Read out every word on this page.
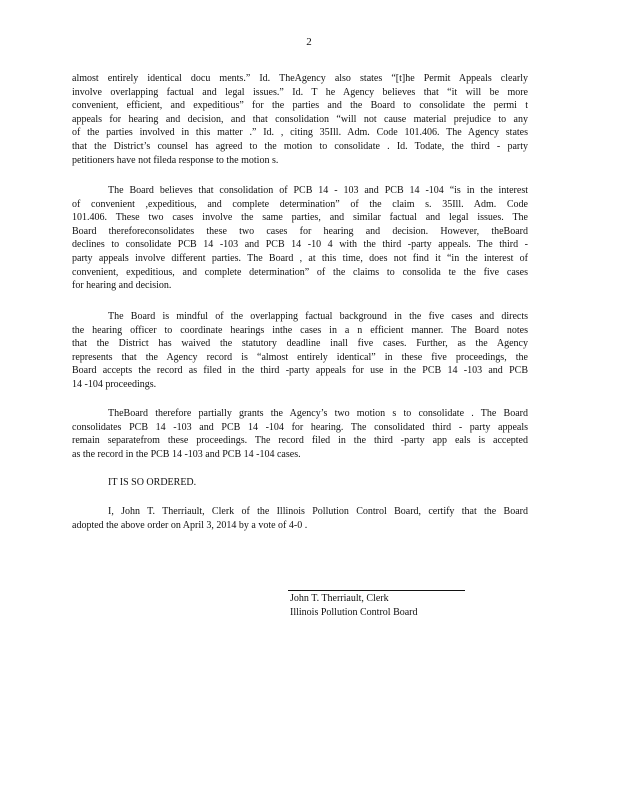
2
almost entirely identical docu ments.” Id. TheAgency also states “[t]he Permit Appeals clearly
involve overlapping factual and legal issues.” Id. T he Agency believes that “it will be more
convenient, efficient, and expeditious” for the parties and the Board to consolidate the permi t
appeals for hearing and decision, and that consolidation “will not cause material prejudice to any
of the parties involved in this matter .” Id. , citing 35Ill. Adm. Code 101.406. The Agency states
that the District’s counsel has agreed to the motion to consolidate . Id. Todate, the third - party
petitioners have not fileda response to the motion s.
The Board believes that consolidation of PCB 14 - 103 and PCB 14 -104 “is in the interest
of convenient ,expeditious, and complete determination” of the claim s. 35Ill. Adm. Code
101.406. These two cases involve the same parties, and similar factual and legal issues. The
Board thereforeconsolidates these two cases for hearing and decision. However, theBoard
declines to consolidate PCB 14 -103 and PCB 14 -10 4 with the third -party appeals. The third -
party appeals involve different parties. The Board , at this time, does not find it “in the interest of
convenient, expeditious, and complete determination” of the claims to consolida te the five cases
for hearing and decision.
The Board is mindful of the overlapping factual background in the five cases and directs
the hearing officer to coordinate hearings inthe cases in a n efficient manner. The Board notes
that the District has waived the statutory deadline inall five cases. Further, as the Agency
represents that the Agency record is “almost entirely identical” in these five proceedings, the
Board accepts the record as filed in the third -party appeals for use in the PCB 14 -103 and PCB
14 -104 proceedings.
TheBoard therefore partially grants the Agency’s two motion s to consolidate . The Board
consolidates PCB 14 -103 and PCB 14 -104 for hearing. The consolidated third - party appeals
remain separatefrom these proceedings. The record filed in the third -party app eals is accepted
as the record in the PCB 14 -103 and PCB 14 -104 cases.
IT IS SO ORDERED.
I, John T. Therriault, Clerk of the Illinois Pollution Control Board, certify that the Board
adopted the above order on April 3, 2014 by a vote of 4-0 .
John T. Therriault, Clerk
Illinois Pollution Control Board
